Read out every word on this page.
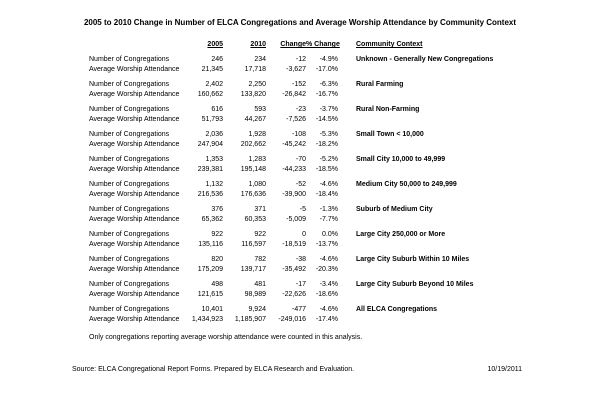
2005 to 2010 Change in Number of ELCA Congregations and Average Worship Attendance by Community Context
2005	2010	Change % Change	Community Context
Number of Congregations	246	234	-12	-4.9%	Unknown - Generally New Congregations
Average Worship Attendance	21,345	17,718	-3,627	-17.0%
Number of Congregations	2,402	2,250	-152	-6.3%	Rural Farming
Average Worship Attendance	160,662	133,820	-26,842	-16.7%
Number of Congregations	616	593	-23	-3.7%	Rural Non-Farming
Average Worship Attendance	51,793	44,267	-7,526	-14.5%
Number of Congregations	2,036	1,928	-108	-5.3%	Small Town < 10,000
Average Worship Attendance	247,904	202,662	-45,242	-18.2%
Number of Congregations	1,353	1,283	-70	-5.2%	Small City 10,000 to 49,999
Average Worship Attendance	239,381	195,148	-44,233	-18.5%
Number of Congregations	1,132	1,080	-52	-4.6%	Medium City 50,000 to 249,999
Average Worship Attendance	216,536	176,636	-39,900	-18.4%
Number of Congregations	376	371	-5	-1.3%	Suburb of Medium City
Average Worship Attendance	65,362	60,353	-5,009	-7.7%
Number of Congregations	922	922	0	0.0%	Large City 250,000 or More
Average Worship Attendance	135,116	116,597	-18,519	-13.7%
Number of Congregations	820	782	-38	-4.6%	Large City Suburb Within 10 Miles
Average Worship Attendance	175,209	139,717	-35,492	-20.3%
Number of Congregations	498	481	-17	-3.4%	Large City Suburb Beyond 10 Miles
Average Worship Attendance	121,615	98,989	-22,626	-18.6%
Number of Congregations	10,401	9,924	-477	-4.6%	All ELCA Congregations
Average Worship Attendance	1,434,923	1,185,907	-249,016	-17.4%
Only congregations reporting average worship attendance were counted in this analysis.
Source: ELCA Congregational Report Forms. Prepared by ELCA Research and Evaluation.	10/19/2011
